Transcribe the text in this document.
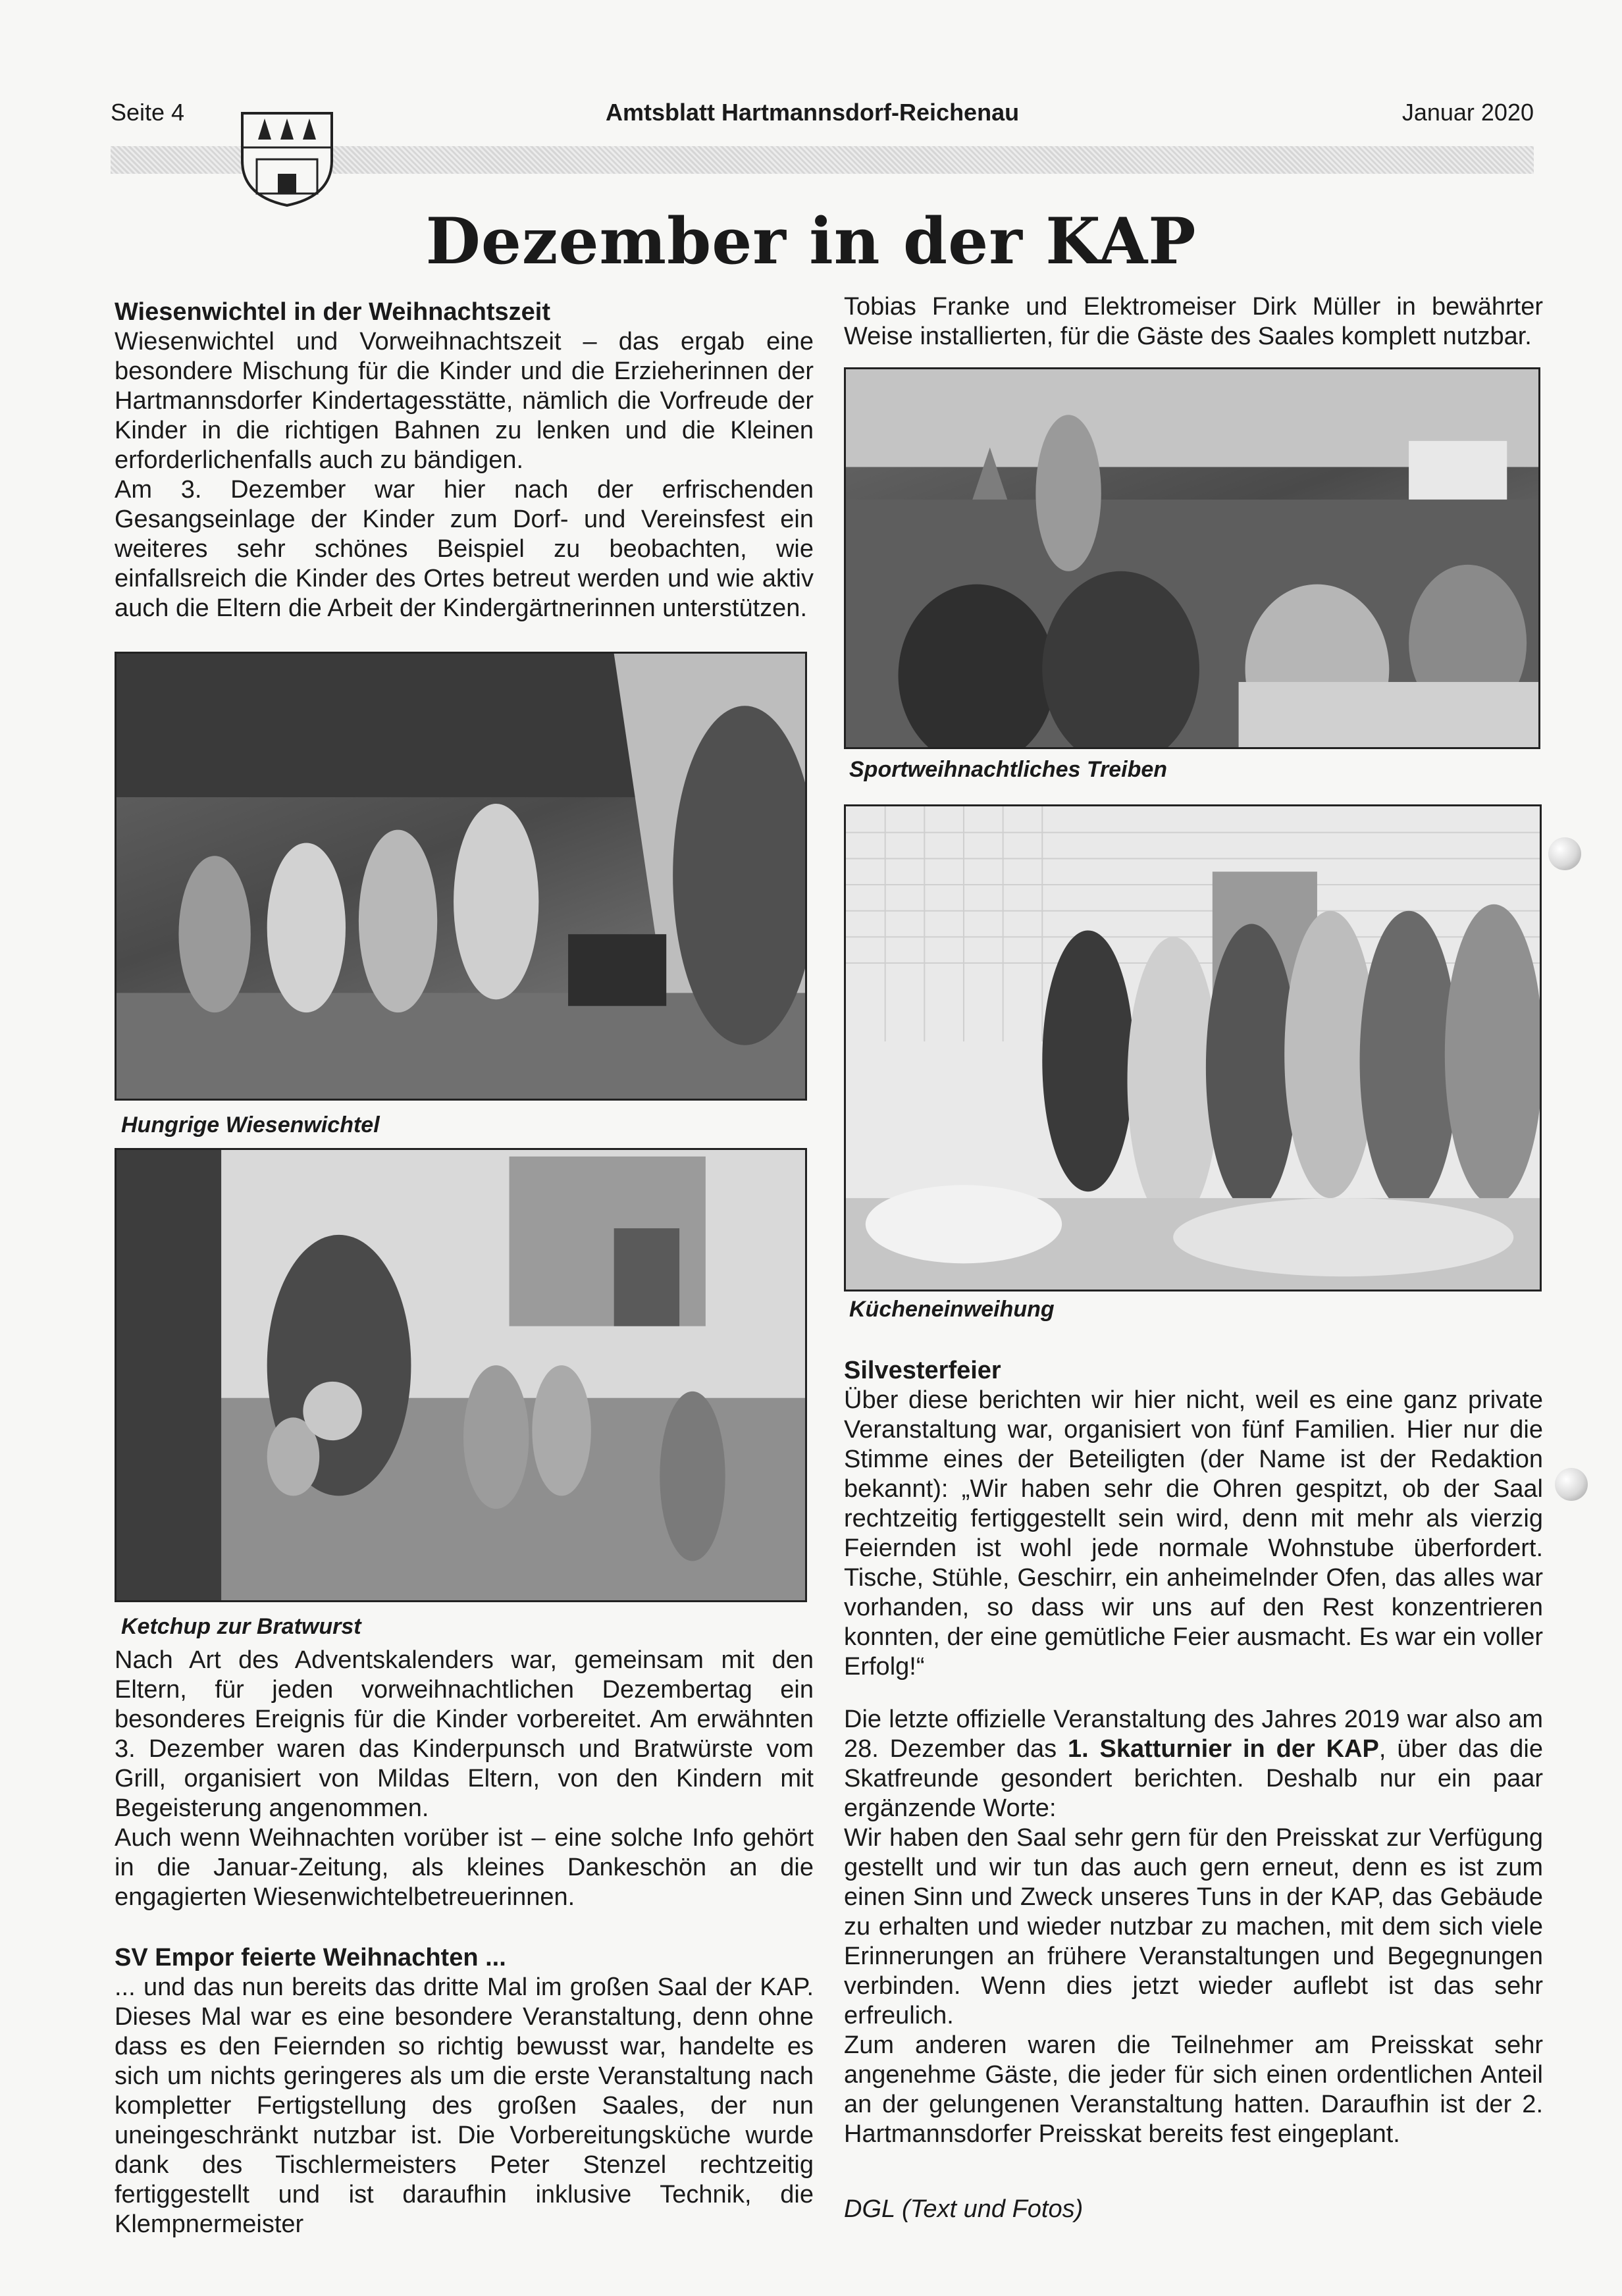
Seite 4	Amtsblatt Hartmannsdorf-Reichenau	Januar 2020
Dezember in der KAP

Wiesenwichtel in der Weihnachtszeit

Wiesenwichtel und Vorweihnachtszeit – das ergab eine besondere Mischung für die Kinder und die Erzieherinnen der Hartmannsdorfer Kindertagesstätte, nämlich die Vorfreude der Kinder in die richtigen Bahnen zu lenken und die Kleinen erforderlichenfalls auch zu bändigen.

Am 3. Dezember war hier nach der erfrischenden Gesangseinlage der Kinder zum Dorf- und Vereinsfest ein weiteres sehr schönes Beispiel zu beobachten, wie einfallsreich die Kinder des Ortes betreut werden und wie aktiv auch die Eltern die Arbeit der Kindergärtnerinnen unterstützen.

Hungrige Wiesenwichtel
Ketchup zur Bratwurst

Nach Art des Adventskalenders war, gemeinsam mit den Eltern, für jeden vorweihnachtlichen Dezembertag ein besonderes Ereignis für die Kinder vorbereitet. Am erwähnten 3. Dezember waren das Kinderpunsch und Bratwürste vom Grill, organisiert von Mildas Eltern, von den Kindern mit Begeisterung angenommen.

Auch wenn Weihnachten vorüber ist – eine solche Info gehört in die Januar-Zeitung, als kleines Dankeschön an die engagierten Wiesenwichtelbetreuerinnen.

SV Empor feierte Weihnachten ...

... und das nun bereits das dritte Mal im großen Saal der KAP. Dieses Mal war es eine besondere Veranstaltung, denn ohne dass es den Feiernden so richtig bewusst war, handelte es sich um nichts geringeres als um die erste Veranstaltung nach kompletter Fertigstellung des großen Saales, der nun uneingeschränkt nutzbar ist. Die Vorbereitungsküche wurde dank des Tischlermeisters Peter Stenzel rechtzeitig fertiggestellt und ist daraufhin inklusive Technik, die Klempnermeister

Tobias Franke und Elektromeiser Dirk Müller in bewährter Weise installierten, für die Gäste des Saales komplett nutzbar.

Sportweihnachtliches Treiben
Kücheneinweihung

Silvesterfeier

Über diese berichten wir hier nicht, weil es eine ganz private Veranstaltung war, organisiert von fünf Familien. Hier nur die Stimme eines der Beteiligten (der Name ist der Redaktion bekannt): „Wir haben sehr die Ohren gespitzt, ob der Saal rechtzeitig fertiggestellt sein wird, denn mit mehr als vierzig Feiernden ist wohl jede normale Wohnstube überfordert. Tische, Stühle, Geschirr, ein anheimelnder Ofen, das alles war vorhanden, so dass wir uns auf den Rest konzentrieren konnten, der eine gemütliche Feier ausmacht. Es war ein voller Erfolg!“

Die letzte offizielle Veranstaltung des Jahres 2019 war also am 28. Dezember das 1. Skatturnier in der KAP, über das die Skatfreunde gesondert berichten. Deshalb nur ein paar ergänzende Worte:

Wir haben den Saal sehr gern für den Preisskat zur Verfügung gestellt und wir tun das auch gern erneut, denn es ist zum einen Sinn und Zweck unseres Tuns in der KAP, das Gebäude zu erhalten und wieder nutzbar zu machen, mit dem sich viele Erinnerungen an frühere Veranstaltungen und Begegnungen verbinden. Wenn dies jetzt wieder auflebt ist das sehr erfreulich.

Zum anderen waren die Teilnehmer am Preisskat sehr angenehme Gäste, die jeder für sich einen ordentlichen Anteil an der gelungenen Veranstaltung hatten. Daraufhin ist der 2. Hartmannsdorfer Preisskat bereits fest eingeplant.

DGL (Text und Fotos)
